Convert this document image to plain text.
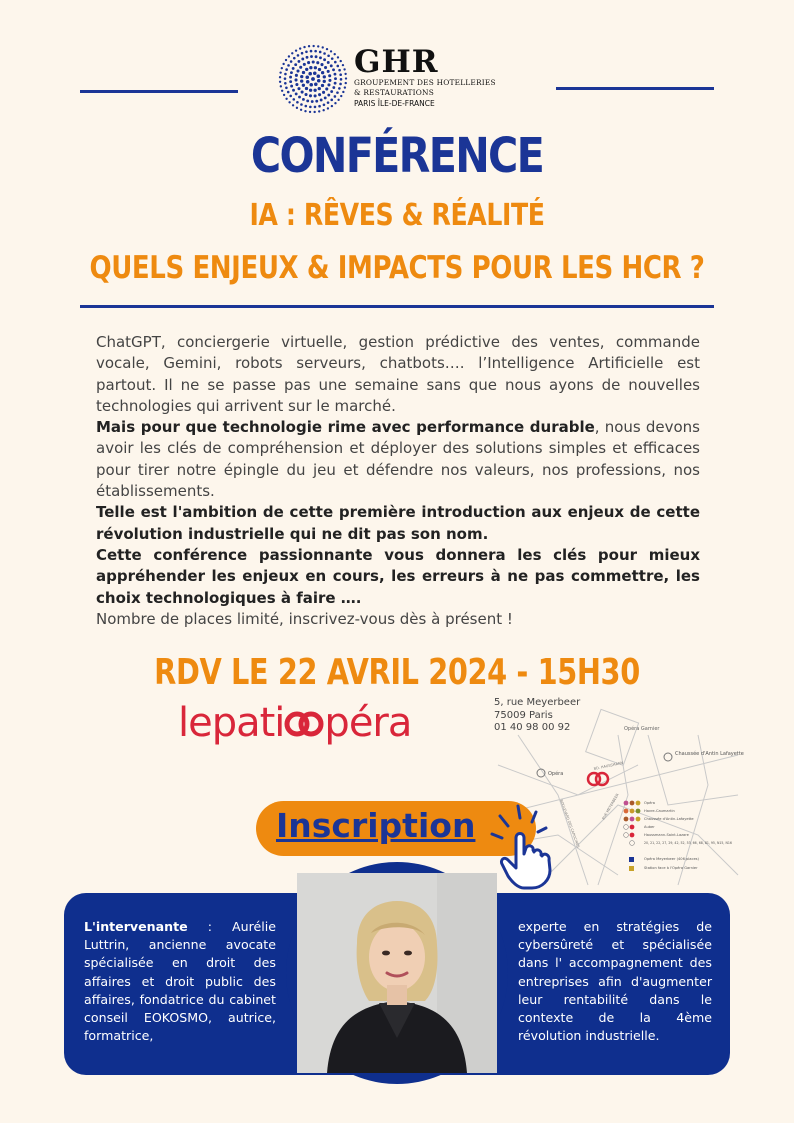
GHR
GROUPEMENT DES HOTELLERIES
& RESTAURATIONS
PARIS ÎLE-DE-FRANCE
CONFÉRENCE
IA : RÊVES & RÉALITÉ
QUELS ENJEUX & IMPACTS POUR LES HCR ?

ChatGPT, conciergerie virtuelle, gestion prédictive des ventes, commande vocale, Gemini, robots serveurs, chatbots…. l’Intelligence Artificielle est partout. Il ne se passe pas une semaine sans que nous ayons de nouvelles technologies qui arrivent sur le marché.

Mais pour que technologie rime avec performance durable, nous devons avoir les clés de compréhension et déployer des solutions simples et efficaces pour tirer notre épingle du jeu et défendre nos valeurs, nos professions, nos établissements.

Telle est l'ambition de cette première introduction aux enjeux de cette révolution industrielle qui ne dit pas son nom.

Cette conférence passionnante vous donnera les clés pour mieux appréhender les enjeux en cours, les erreurs à ne pas commettre, les choix technologiques à faire ….

Nombre de places limité, inscrivez-vous dès à présent !

RDV LE 22 AVRIL 2024 - 15H30
lepati péra	5, rue Meyerbeer
75009 Paris
01 40 98 00 92	Opéra Garnier
Chaussée d'Antin Lafayette
Opéra
BD. HAUSSMANN
RUE MEYERBEER
BOULEVARD DES CAPUCINES	Opéra
Havre-Caumartin
Chaussée d'Antin-Lafayette
Auber
Haussmann-Saint-Lazare
20, 21, 22, 27, 29, 42, 52, 53, 66, 68, 81, 95, N15, N16
Opéra Meyerbeer (406 places)
Station face à l'Opéra Garnier
Inscription
L'intervenante : Aurélie Luttrin, ancienne avocate spécialisée en droit des affaires et droit public des affaires, fondatrice du cabinet conseil EOKOSMO, autrice, formatrice,
experte en stratégies de cybersûreté et spécialisée dans l' accompagnement des entreprises afin d'augmenter leur rentabilité dans le contexte de la 4ème révolution industrielle.
